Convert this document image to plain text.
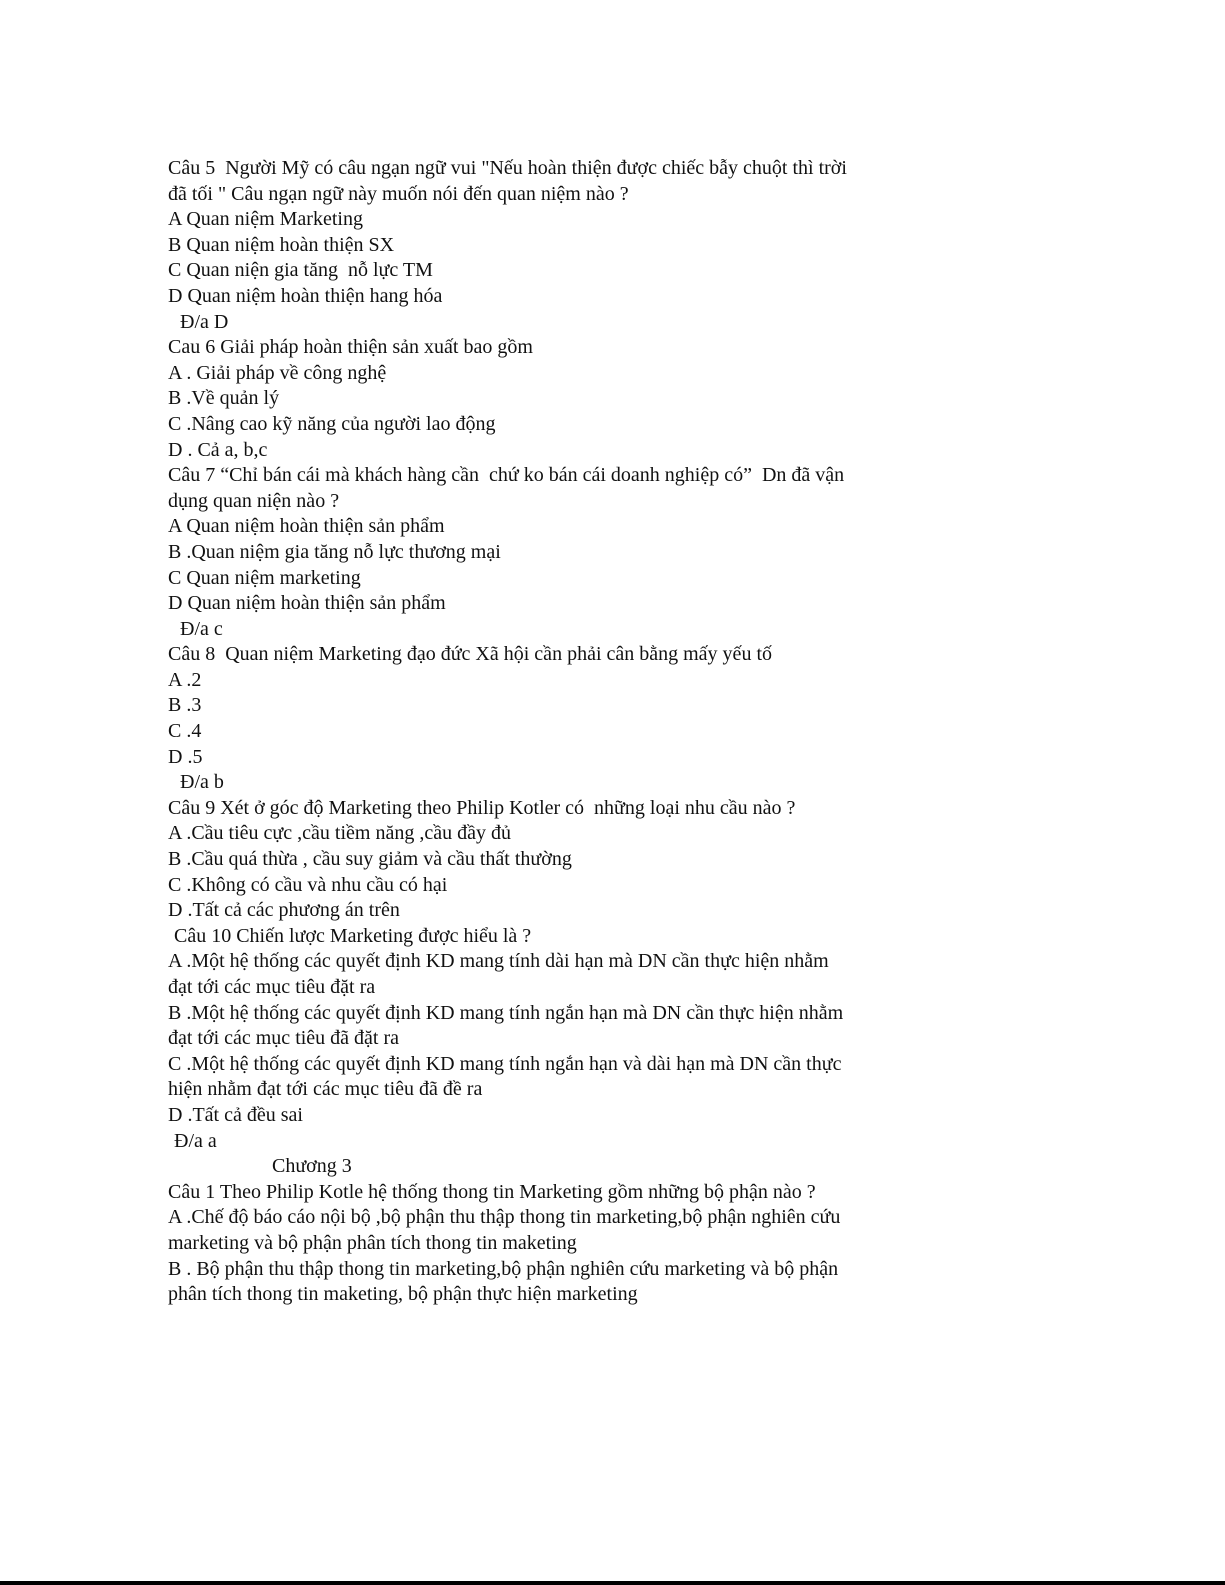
Câu 5  Người Mỹ có câu ngạn ngữ vui "Nếu hoàn thiện được chiếc bẫy chuột thì trời
đã tối " Câu ngạn ngữ này muốn nói đến quan niệm nào ?
A Quan niệm Marketing
B Quan niệm hoàn thiện SX
C Quan niện gia tăng  nỗ lực TM
D Quan niệm hoàn thiện hang hóa
Đ/a D
Cau 6 Giải pháp hoàn thiện sản xuất bao gồm
A . Giải pháp về công nghệ
B .Về quản lý
C .Nâng cao kỹ năng của người lao động
D . Cả a, b,c
Câu 7 “Chỉ bán cái mà khách hàng cần  chứ ko bán cái doanh nghiệp có”  Dn đã vận
dụng quan niện nào ?
A Quan niệm hoàn thiện sản phẩm
B .Quan niệm gia tăng nỗ lực thương mại
C Quan niệm marketing
D Quan niệm hoàn thiện sản phẩm
Đ/a c
Câu 8  Quan niệm Marketing đạo đức Xã hội cần phải cân bằng mấy yếu tố
A .2
B .3
C .4
D .5
Đ/a b
Câu 9 Xét ở góc độ Marketing theo Philip Kotler có  những loại nhu cầu nào ?
A .Cầu tiêu cực ,cầu tiềm năng ,cầu đầy đủ
B .Cầu quá thừa , cầu suy giảm và cầu thất thường
C .Không có cầu và nhu cầu có hại
D .Tất cả các phương án trên
Câu 10 Chiến lược Marketing được hiểu là ?
A .Một hệ thống các quyết định KD mang tính dài hạn mà DN cần thực hiện nhằm
đạt tới các mục tiêu đặt ra
B .Một hệ thống các quyết định KD mang tính ngắn hạn mà DN cần thực hiện nhằm
đạt tới các mục tiêu đã đặt ra
C .Một hệ thống các quyết định KD mang tính ngắn hạn và dài hạn mà DN cần thực
hiện nhằm đạt tới các mục tiêu đã đề ra
D .Tất cả đều sai
Đ/a a
Chương 3
Câu 1 Theo Philip Kotle hệ thống thong tin Marketing gồm những bộ phận nào ?
A .Chế độ báo cáo nội bộ ,bộ phận thu thập thong tin marketing,bộ phận nghiên cứu
marketing và bộ phận phân tích thong tin maketing
B . Bộ phận thu thập thong tin marketing,bộ phận nghiên cứu marketing và bộ phận
phân tích thong tin maketing, bộ phận thực hiện marketing
